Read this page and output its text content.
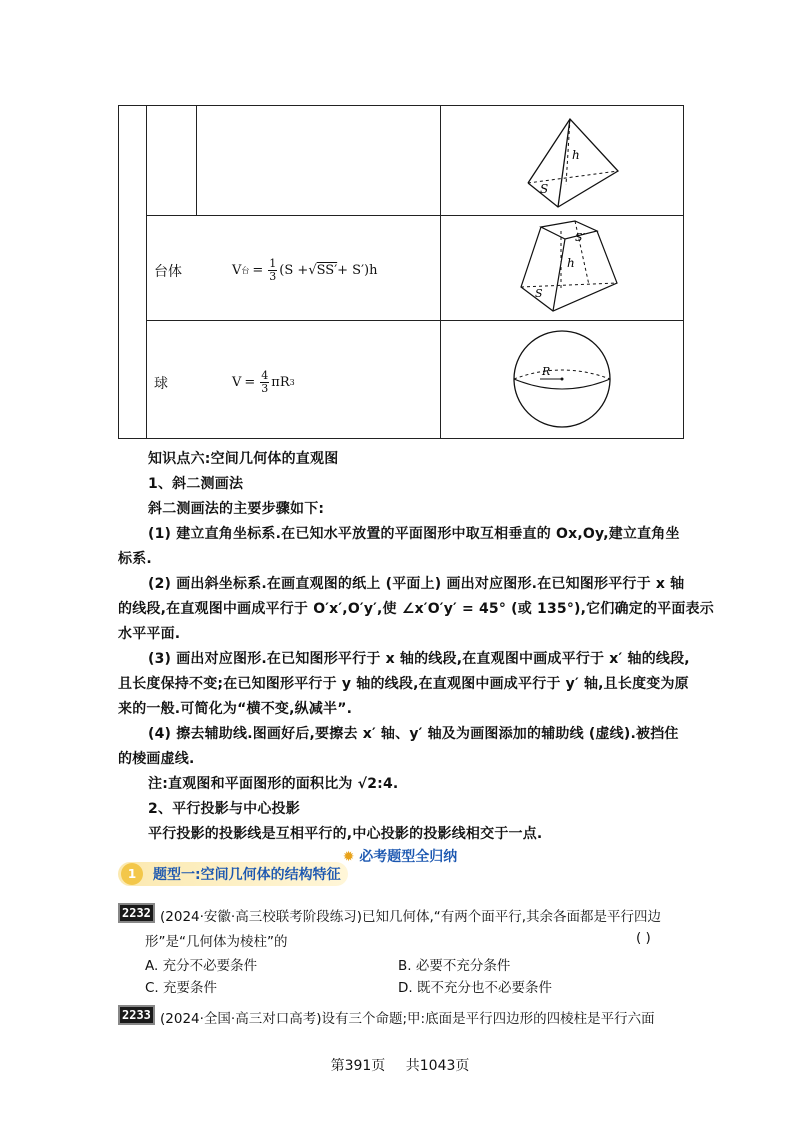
台体	V 台 = $\frac{1}{3} (S$ + √ SS′ + S′)h
球	$V = \frac{4}{3}$ πR 3
h
S
S′
h
S
R
知识点六:空间几何体的直观图
1、斜二测画法
斜二测画法的主要步骤如下:
(1) 建立直角坐标系.在已知水平放置的平面图形中取互相垂直的 Ox,Oy,建立直角坐
标系.
(2) 画出斜坐标系.在画直观图的纸上 (平面上) 画出对应图形.在已知图形平行于 x 轴
的线段,在直观图中画成平行于 O′x′,O′y′,使 ∠x′O′y′ = 45° (或 135°),它们确定的平面表示
水平平面.
(3) 画出对应图形.在已知图形平行于 x 轴的线段,在直观图中画成平行于 x′ 轴的线段,
且长度保持不变;在已知图形平行于 y 轴的线段,在直观图中画成平行于 y′ 轴,且长度变为原
来的一般.可简化为“横不变,纵减半”.
(4) 擦去辅助线.图画好后,要擦去 x′ 轴、y′ 轴及为画图添加的辅助线 (虚线).被挡住
的棱画虚线.
注:直观图和平面图形的面积比为 √2:4.
2、平行投影与中心投影
平行投影的投影线是互相平行的,中心投影的投影线相交于一点.
✹ 必考题型全归纳
1	题型一:空间几何体的结构特征
2232 (2024·安徽·高三校联考阶段练习)已知几何体,“有两个面平行,其余各面都是平行四边
形”是“几何体为棱柱”的	( )
A. 充分不必要条件	B. 必要不充分条件
C. 充要条件	D. 既不充分也不必要条件
2233 (2024·全国·高三对口高考)设有三个命题;甲:底面是平行四边形的四棱柱是平行六面
第391页 共1043页
